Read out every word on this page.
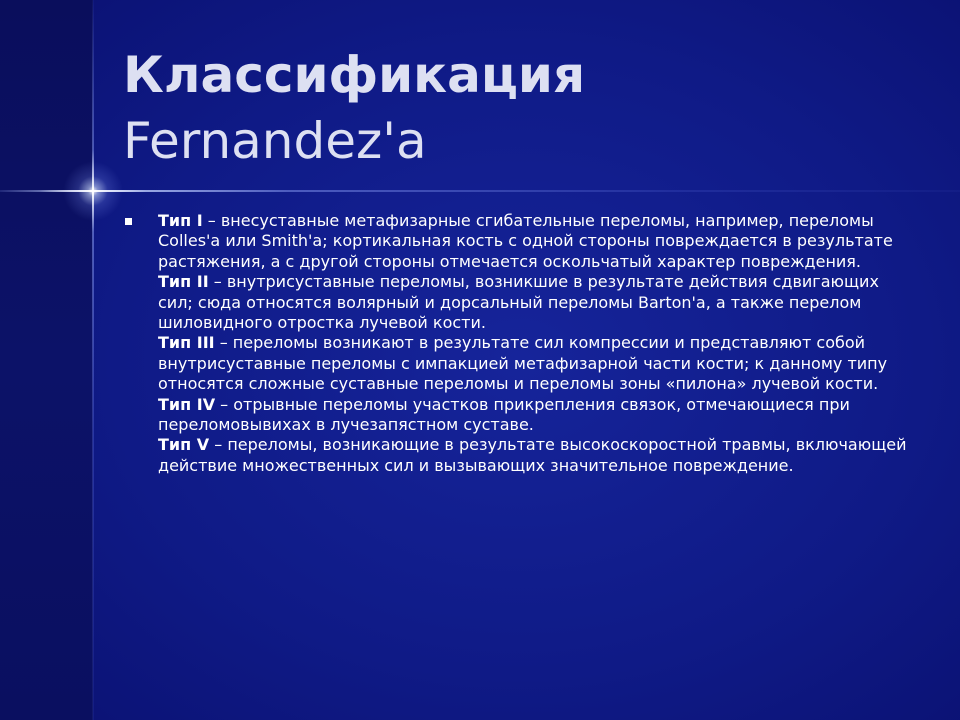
Классификация
Fernandez'a

Тип I – внесуставные метафизарные сгибательные переломы, например, переломы Colles'a или Smith'a; кортикальная кость с одной стороны повреждается в результате растяжения, а с другой стороны отмечается оскольчатый характер повреждения.

Тип II – внутрисуставные переломы, возникшие в результате действия сдвигающих сил; сюда относятся волярный и дорсальный переломы Barton'a, а также перелом шиловидного отростка лучевой кости.

Тип III – переломы возникают в результате сил компрессии и представляют собой внутрисуставные переломы с импакцией метафизарной части кости; к данному типу относятся сложные суставные переломы и переломы зоны «пилона» лучевой кости.

Тип IV – отрывные переломы участков прикрепления связок, отмечающиеся при переломовывихах в лучезапястном суставе.

Тип V – переломы, возникающие в результате высокоскоростной травмы, включающей действие множественных сил и вызывающих значительное повреждение.
